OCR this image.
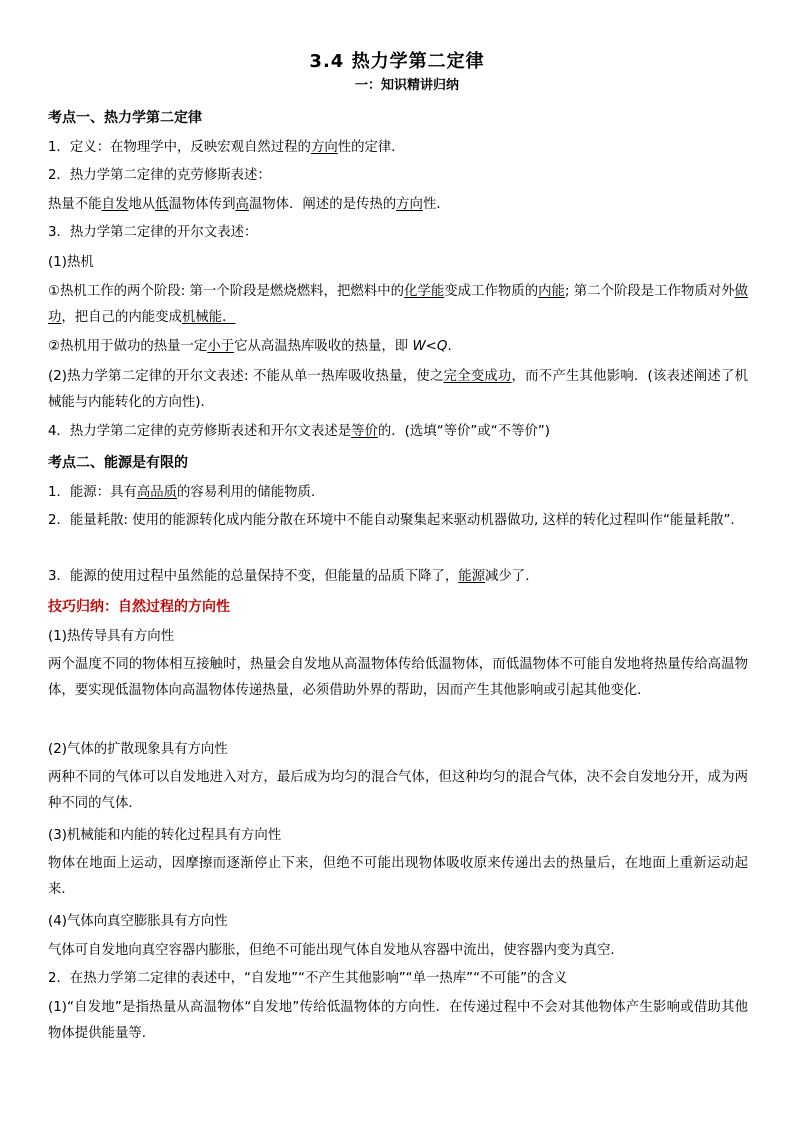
3.4 热力学第二定律
一：知识精讲归纳
考点一、热力学第二定律
1．定义：在物理学中，反映宏观自然过程的方向性的定律．
2．热力学第二定律的克劳修斯表述：
热量不能自发地从低温物体传到高温物体．阐述的是传热的方向性．
3．热力学第二定律的开尔文表述：
(1)热机
①热机工作的两个阶段: 第一个阶段是燃烧燃料，把燃料中的化学能变成工作物质的内能; 第二个阶段是工作物质对外做功，把自己的内能变成机械能．
②热机用于做功的热量一定小于它从高温热库吸收的热量，即 W<Q.
(2)热力学第二定律的开尔文表述: 不能从单一热库吸收热量，使之完全变成功，而不产生其他影响．(该表述阐述了机械能与内能转化的方向性)．
4．热力学第二定律的克劳修斯表述和开尔文表述是等价的．(选填“等价”或“不等价”)
考点二、能源是有限的
1．能源：具有高品质的容易利用的储能物质．
2．能量耗散: 使用的能源转化成内能分散在环境中不能自动聚集起来驱动机器做功, 这样的转化过程叫作“能量耗散”.
3．能源的使用过程中虽然能的总量保持不变，但能量的品质下降了，能源减少了．
技巧归纳：自然过程的方向性
(1)热传导具有方向性
两个温度不同的物体相互接触时，热量会自发地从高温物体传给低温物体，而低温物体不可能自发地将热量传给高温物体，要实现低温物体向高温物体传递热量，必须借助外界的帮助，因而产生其他影响或引起其他变化．
(2)气体的扩散现象具有方向性
两种不同的气体可以自发地进入对方，最后成为均匀的混合气体，但这种均匀的混合气体，决不会自发地分开，成为两种不同的气体．
(3)机械能和内能的转化过程具有方向性
物体在地面上运动，因摩擦而逐渐停止下来，但绝不可能出现物体吸收原来传递出去的热量后，在地面上重新运动起来．
(4)气体向真空膨胀具有方向性
气体可自发地向真空容器内膨胀，但绝不可能出现气体自发地从容器中流出，使容器内变为真空．
2．在热力学第二定律的表述中，“自发地”“不产生其他影响”“单一热库”“不可能”的含义
(1)“自发地”是指热量从高温物体“自发地”传给低温物体的方向性．在传递过程中不会对其他物体产生影响或借助其他物体提供能量等．
